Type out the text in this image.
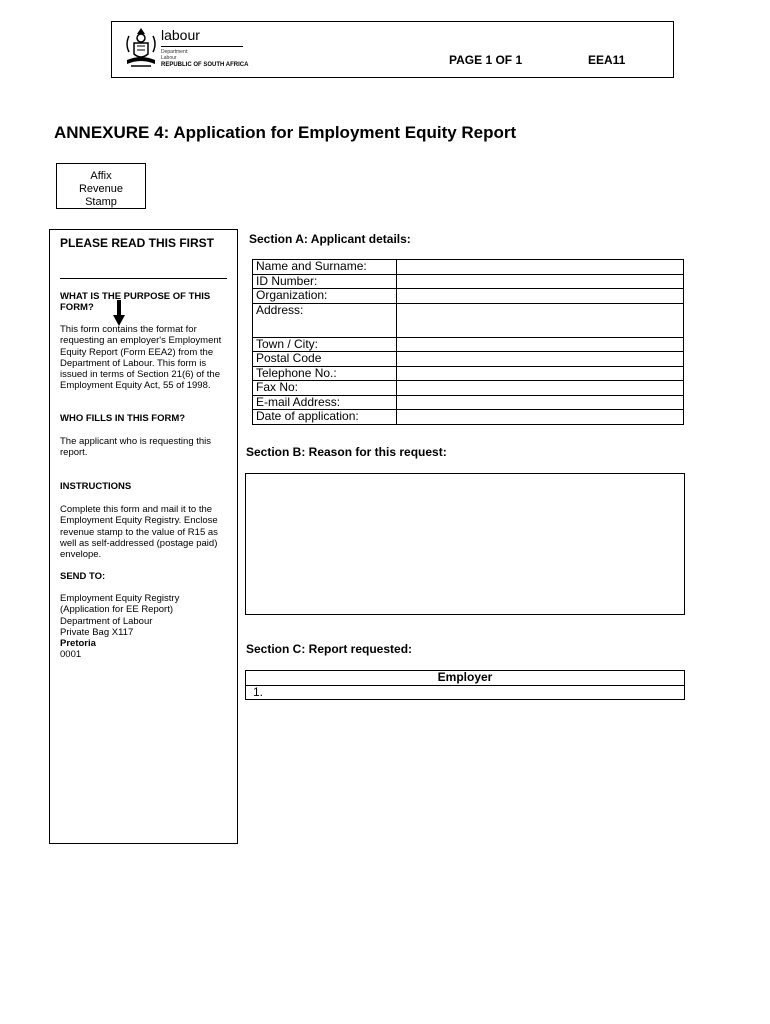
labour
Department:
Labour
REPUBLIC OF SOUTH AFRICA	PAGE 1 OF 1	EEA11
ANNEXURE 4: Application for Employment Equity Report
Affix
Revenue
Stamp
PLEASE READ THIS FIRST
WHAT IS THE PURPOSE OF THIS FORM?
This form contains the format for requesting an employer's Employment Equity Report (Form EEA2) from the Department of Labour. This form is issued in terms of Section 21(6) of the Employment Equity Act, 55 of 1998.
WHO FILLS IN THIS FORM?
The applicant who is requesting this report.
INSTRUCTIONS
Complete this form and mail it to the Employment Equity Registry. Enclose revenue stamp to the value of R15 as well as self-addressed (postage paid) envelope.
SEND TO:
Employment Equity Registry
(Application for EE Report)
Department of Labour
Private Bag X117
Pretoria
0001
Section A: Applicant details:
Name and Surname:	
ID Number:	
Organization:	
Address:	
Town / City:	
Postal Code	
Telephone No.:	
Fax No:	
E-mail Address:	
Date of application:	
Section B: Reason for this request:
Section C: Report requested:
Employer
1.
